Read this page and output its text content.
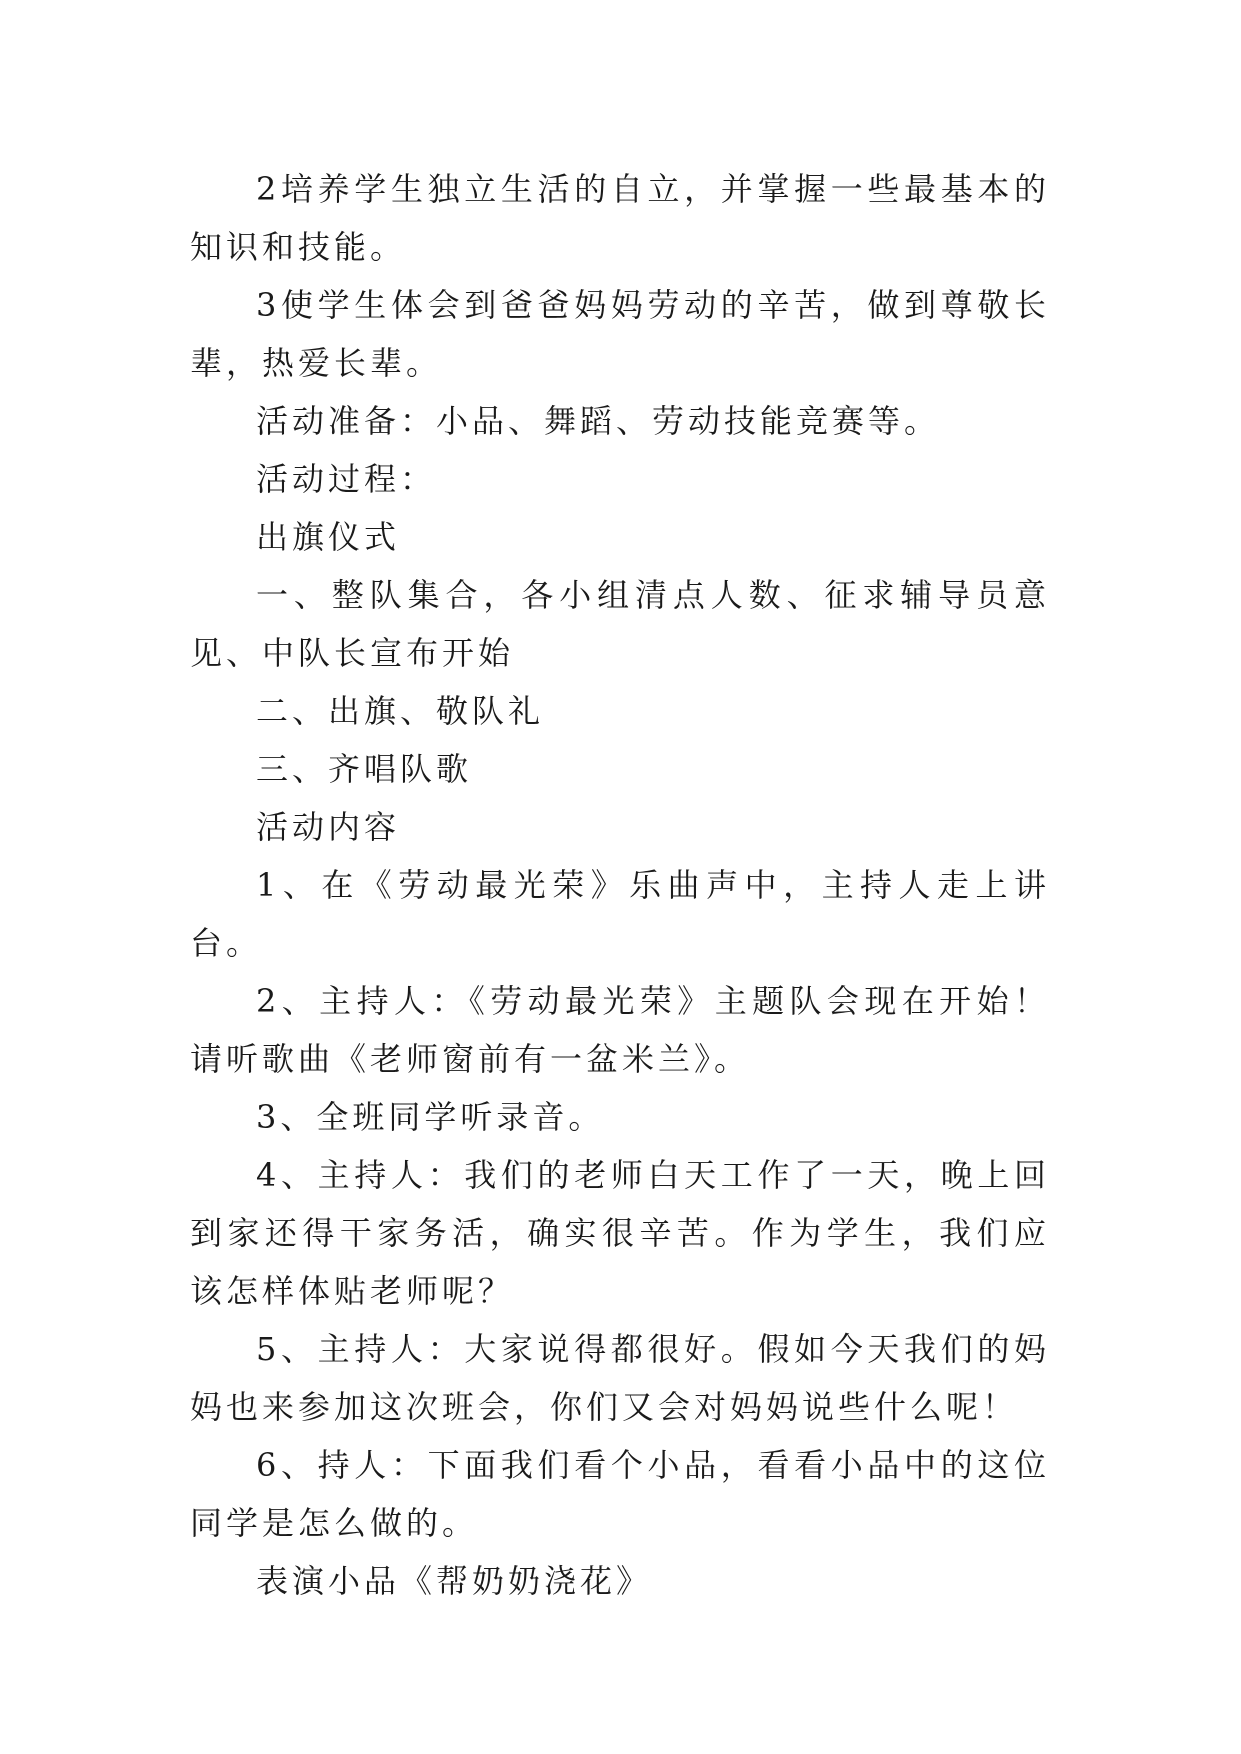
2培养学生独立生活的自立，并掌握一些最基本的知识和技能。

3使学生体会到爸爸妈妈劳动的辛苦，做到尊敬长辈，热爱长辈。

活动准备：小品、舞蹈、劳动技能竞赛等。

活动过程：

出旗仪式

一、整队集合，各小组清点人数、征求辅导员意见、中队长宣布开始

二、出旗、敬队礼

三、齐唱队歌

活动内容

1、在《劳动最光荣》乐曲声中，主持人走上讲台。

2、主持人：《劳动最光荣》主题队会现在开始！请听歌曲《老师窗前有一盆米兰》。

3、全班同学听录音。

4、主持人：我们的老师白天工作了一天，晚上回到家还得干家务活，确实很辛苦。作为学生，我们应该怎样体贴老师呢？

5、主持人：大家说得都很好。假如今天我们的妈妈也来参加这次班会，你们又会对妈妈说些什么呢！

6、持人：下面我们看个小品，看看小品中的这位同学是怎么做的。

表演小品《帮奶奶浇花》
